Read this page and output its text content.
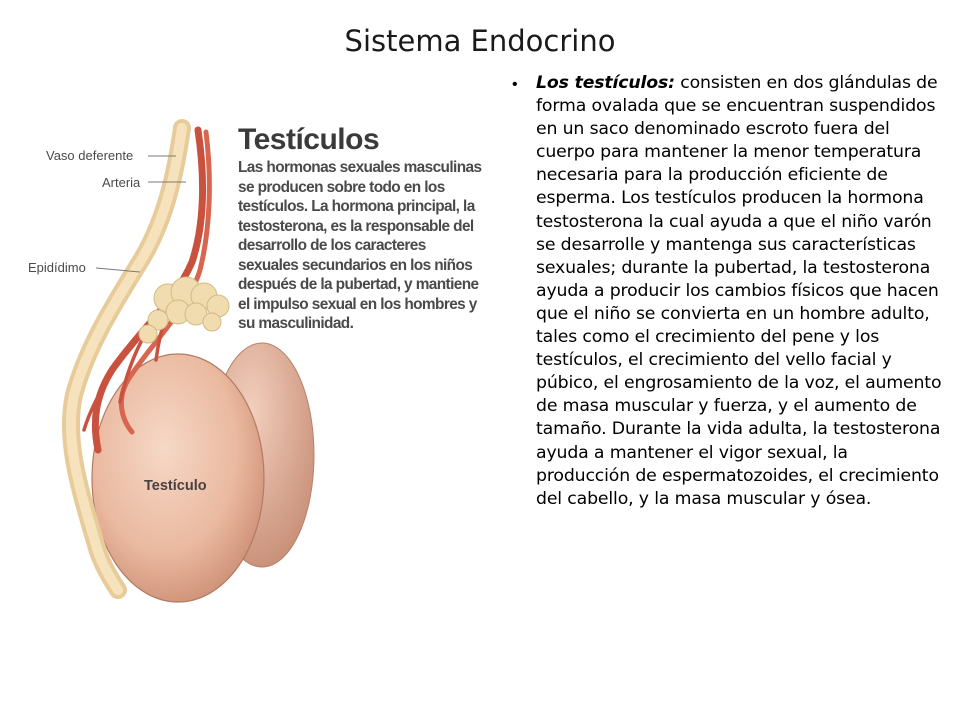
Sistema Endocrino
Vaso deferente
Arteria
Epidídimo
Testículo
Testículos
Las hormonas sexuales masculinas se producen sobre todo en los testículos. La hormona principal, la testosterona, es la responsable del desarrollo de los caracteres sexuales secundarios en los niños después de la pubertad, y mantiene el impulso sexual en los hombres y su masculinidad.
• Los testículos: consisten en dos glándulas de forma ovalada que se encuentran suspendidos en un saco denominado escroto fuera del cuerpo para mantener la menor temperatura necesaria para la producción eficiente de esperma. Los testículos producen la hormona testosterona la cual ayuda a que el niño varón se desarrolle y mantenga sus características sexuales; durante la pubertad, la testosterona ayuda a producir los cambios físicos que hacen que el niño se convierta en un hombre adulto, tales como el crecimiento del pene y los testículos, el crecimiento del vello facial y púbico, el engrosamiento de la voz, el aumento de masa muscular y fuerza, y el aumento de tamaño. Durante la vida adulta, la testosterona ayuda a mantener el vigor sexual, la producción de espermatozoides, el crecimiento del cabello, y la masa muscular y ósea.
